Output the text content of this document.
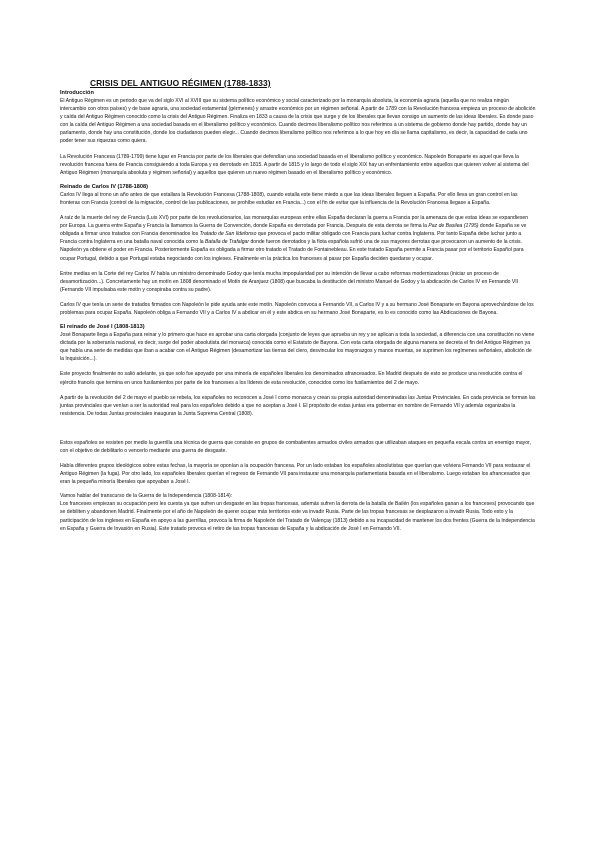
CRISIS DEL ANTIGUO RÉGIMEN (1788-1833)
Introducción

El Antiguo Régimen es un periodo que va del siglo XVI al XVIII que su sistema político económico y social caracterizado por la monarquía absoluta, la economía agraria (aquella que no realiza ningún intercambio con otros países) y de base agraria, una sociedad estamental (gérmenes) y arrastre económico por un régimen señorial. A partir de 1789 con la Revolución francesa empieza un proceso de abolición y caída del Antiguo Régimen conocido como la crisis del Antiguo Régimen. Finaliza en 1833 a causa de la crisis que surge y de los liberales que llevan consigo un aumento de las ideas liberales. Es donde paso con la caída del Antiguo Régimen a una sociedad basada en el liberalismo político y económico. Cuando decimos liberalismo político nos referimos a un sistema de gobierno donde hay partido, donde hay un parlamento, donde hay una constitución, donde los ciudadanos pueden elegir... Cuando decimos liberalismo político nos referimos a lo que hoy en día se llama capitalismo, es decir, la capacidad de cada uno poder tener sus riquezas como quiera.

La Revolución Francesa (1789-1799) tiene lugar en Francia por parte de los liberales que defendían una sociedad basada en el liberalismo político y económico. Napoleón Bonaparte es aquel que lleva la revolución francesa fuera de Francia consiguiendo a toda Europa y es derrotado en 1815. A partir de 1815 y lo largo de todo el siglo XIX hay un enfrentamiento entre aquellos que quieren volver al sistema del Antiguo Régimen (monarquía absoluta y régimen señorial) y aquellos que quieren un nuevo régimen basado en el liberalismo político y económico.

Reinado de Carlos IV (1788-1808)

Carlos IV llega al trono un año antes de que estallara la Revolución Francesa (1788-1808), cuando estalla este tiene miedo a que las ideas liberales lleguen a España. Por ello lleva un gran control en las fronteras con Francia (control de la migración, control de las publicaciones, se prohíbe estudiar en Francia...) con el fin de evitar que la influencia de la Revolución Francesa llegase a España.

A raíz de la muerte del rey de Francia (Luis XVI) por parte de los revolucionarios, las monarquías europeas entre ellas España declaran la guerra a Francia por la amenaza de que estas ideas se expandiesen por Europa. La guerra entre España y Francia la llamamos la Guerra de Convención, donde España es derrotada por Francia. Después de esta derrota se firma la Paz de Basilea (1795) donde España se ve obligada a firmar unos tratados con Francia denominados los Tratado de San Ildefonso que provoca el pacto militar obligado con Francia para luchar contra Inglaterra. Por tanto España debe luchar junto a Francia contra Inglaterra en una batalla naval conocida como la Batalla de Trafalgar donde fueron derrotados y la flota española sufrió una de sus mayores derrotas que provocaron un aumento de la crisis. Napoleón ya obtiene el poder en Francia. Posteriormente España es obligada a firmar otro tratado el Tratado de Fontainebleau. En este tratado España permite a Francia pasar por el territorio Español para ocupar Portugal, debido a que Portugal estaba negociando con los ingleses. Finalmente en la práctica los franceses al pasar por España deciden quedarse y ocupar.

Entre medias en la Corte del rey Carlos IV había un ministro denominado Godoy que tenía mucha impopularidad por su intención de llevar a cabo reformas modernizadoras (iniciar un proceso de desamortización...). Concretamente hay un motín en 1808 denominado el Motín de Aranjuez (1808) que buscaba la destitución del ministro Manuel de Godoy y la abdicación de Carlos IV en Fernando VII (Fernando VII impulsaba este motín y conspiraba contra su padre).

Carlos IV que tenía un serie de tratados firmados con Napoleón le pide ayuda ante este motín. Napoleón convoca a Fernando VII, a Carlos IV y a su hermano José Bonaparte en Bayona aprovechándose de los problemas para ocupar España. Napoleón obliga a Fernando VII y a Carlos IV a abdicar en él y este abdica en su hermano José Bonaparte, es lo es conocido como las Abdicaciones de Bayona.

El reinado de José I (1808-1813)

José Bonaparte llega a España para reinar y lo primero que hace es aprobar una carta otorgada (conjunto de leyes que aprueba un rey y se aplican a toda la sociedad, a diferencia con una constitución no viene dictada por la soberanía nacional, es decir, surge del poder absolutista del monarca) conocida como el Estatuto de Bayona. Con esta carta otorgada de alguna manera se decreta el fin del Antiguo Régimen ya que había una serie de medidas que iban a acabar con el Antiguo Régimen (desamortizar las tierras del clero, desvincular los mayorazgos y manos muertas, se suprimen los regímenes señoriales, abolición de la Inquisición...).

Este proyecto finalmente no salió adelante, ya que solo fue apoyado por una minoría de españoles liberales los denominados afrancesados. En Madrid después de esto se produce una revolución contra el ejército francés que termina en unos fusilamientos por parte de los franceses a los líderes de esta revolución, conocidos como los fusilamientos del 2 de mayo.

A partir de la revolución del 2 de mayo el pueblo se rebela, los españoles no reconocen a José I como monarca y crean su propia autoridad denominadas las Juntas Provinciales. En cada provincia se forman las juntas provinciales que venían a ser la autoridad real para los españoles debido a que no aceptan a José I. El propósito de estas juntas era gobernar en nombre de Fernando VII y además organizaba la resistencia. De todas Juntas provinciales inauguran la Junta Suprema Central (1808).

Estos españoles se resisten por medio la guerrilla una técnica de guerra que consiste en grupos de combatientes armados civiles armados que utilizaban ataques en pequeña escala contra un enemigo mayor, con el objetivo de debilitarlo o vencerlo mediante una guerra de desgaste.

Había diferentes grupos ideológicos sobre estas fechas, la mayoría se oponían a la ocupación francesa. Por un lado estaban los españoles absolutistas que querían que volviera Fernando VII para restaurar el Antiguo Régimen (la fuga). Por otro lado, los españoles liberales querían el regreso de Fernando VII para instaurar una monarquía parlamentaria basada en el liberalismo. Luego estaban los afrancesados que eran la pequeña minoría liberales que apoyaban a José I.

Vamos hablar del transcurso de la Guerra de la Independencia (1808-1814):

Los franceses empiezan su ocupación pero les cuesta ya que sufren un desgaste en las tropas francesas, además sufren la derrota de la batalla de Bailén (los españoles ganan a los franceses) provocando que se debiliten y abandonen Madrid. Finalmente por el año de Napoleón de querer ocupar más territorios este va invadir Rusia. Parte de las tropas francesas se desplazaron a invadir Rusia. Todo esto y la participación de los ingleses en España en apoyo a las guerrillas, provoca la firma de Napoleón del Tratado de Valençay (1813) debido a su incapacidad de mantener los dos frentes (Guerra de la Independencia en España y Guerra de Invasión en Rusia). Este tratado provoca el retiro de las tropas francesas de España y la abdicación de José I en Fernando VII.
